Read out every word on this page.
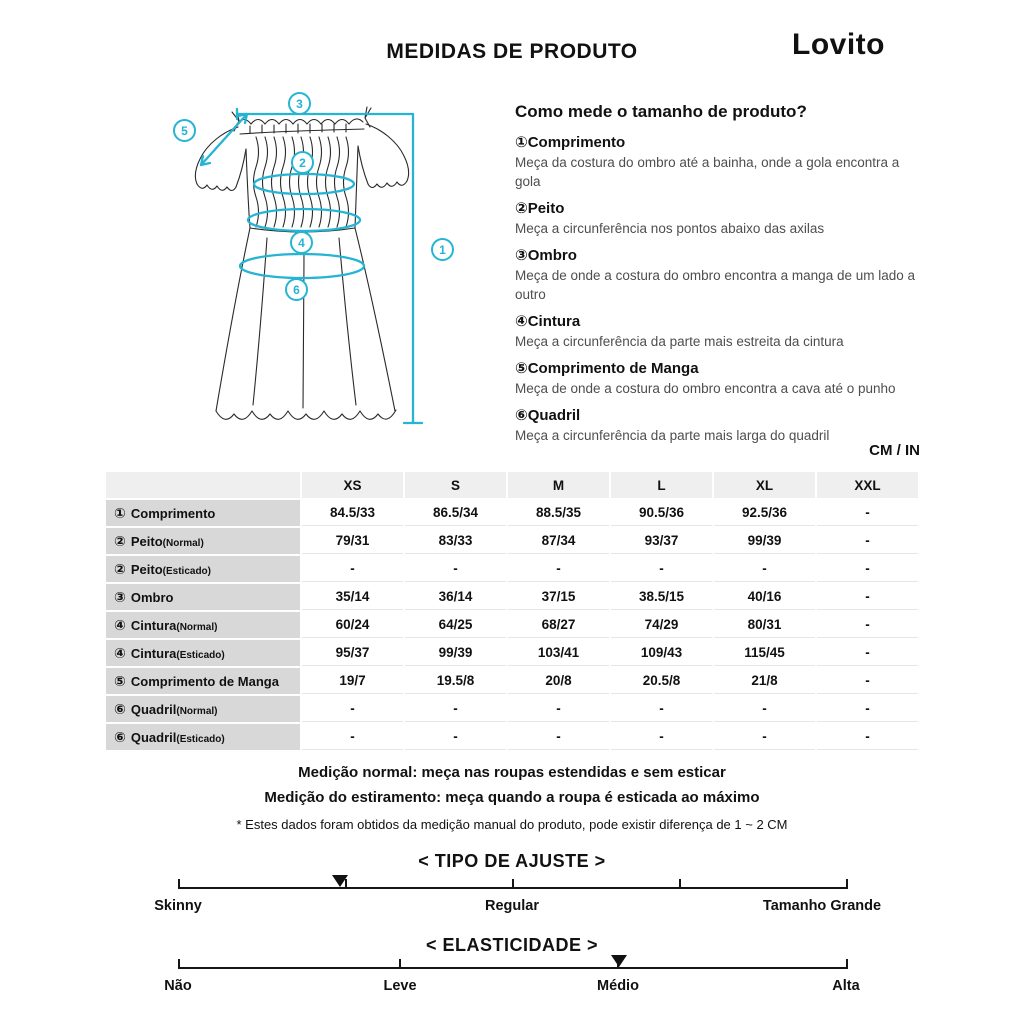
MEDIDAS DE PRODUTO	Lovito
1
2
3
4
5
6
Como mede o tamanho de produto?
①Comprimento
Meça da costura do ombro até a bainha, onde a gola encontra a gola
②Peito
Meça a circunferência nos pontos abaixo das axilas
③Ombro
Meça de onde a costura do ombro encontra a manga de um lado a outro
④Cintura
Meça a circunferência da parte mais estreita da cintura
⑤Comprimento de Manga
Meça de onde a costura do ombro encontra a cava até o punho
⑥Quadril
Meça a circunferência da parte mais larga do quadril
CM / IN
	XS	S	M	L	XL	XXL
① Comprimento	84.5/33	86.5/34	88.5/35	90.5/36	92.5/36	-
② Peito(Normal)	79/31	83/33	87/34	93/37	99/39	-
② Peito(Esticado)	-	-	-	-	-	-
③ Ombro	35/14	36/14	37/15	38.5/15	40/16	-
④ Cintura(Normal)	60/24	64/25	68/27	74/29	80/31	-
④ Cintura(Esticado)	95/37	99/39	103/41	109/43	115/45	-
⑤ Comprimento de Manga	19/7	19.5/8	20/8	20.5/8	21/8	-
⑥ Quadril(Normal)	-	-	-	-	-	-
⑥ Quadril(Esticado)	-	-	-	-	-	-
Medição normal: meça nas roupas estendidas e sem esticar
Medição do estiramento: meça quando a roupa é esticada ao máximo
* Estes dados foram obtidos da medição manual do produto, pode existir diferença de 1 ~ 2 CM
< TIPO DE AJUSTE >
Skinny	Regular	Tamanho Grande
< ELASTICIDADE >
Não	Leve	Médio	Alta
